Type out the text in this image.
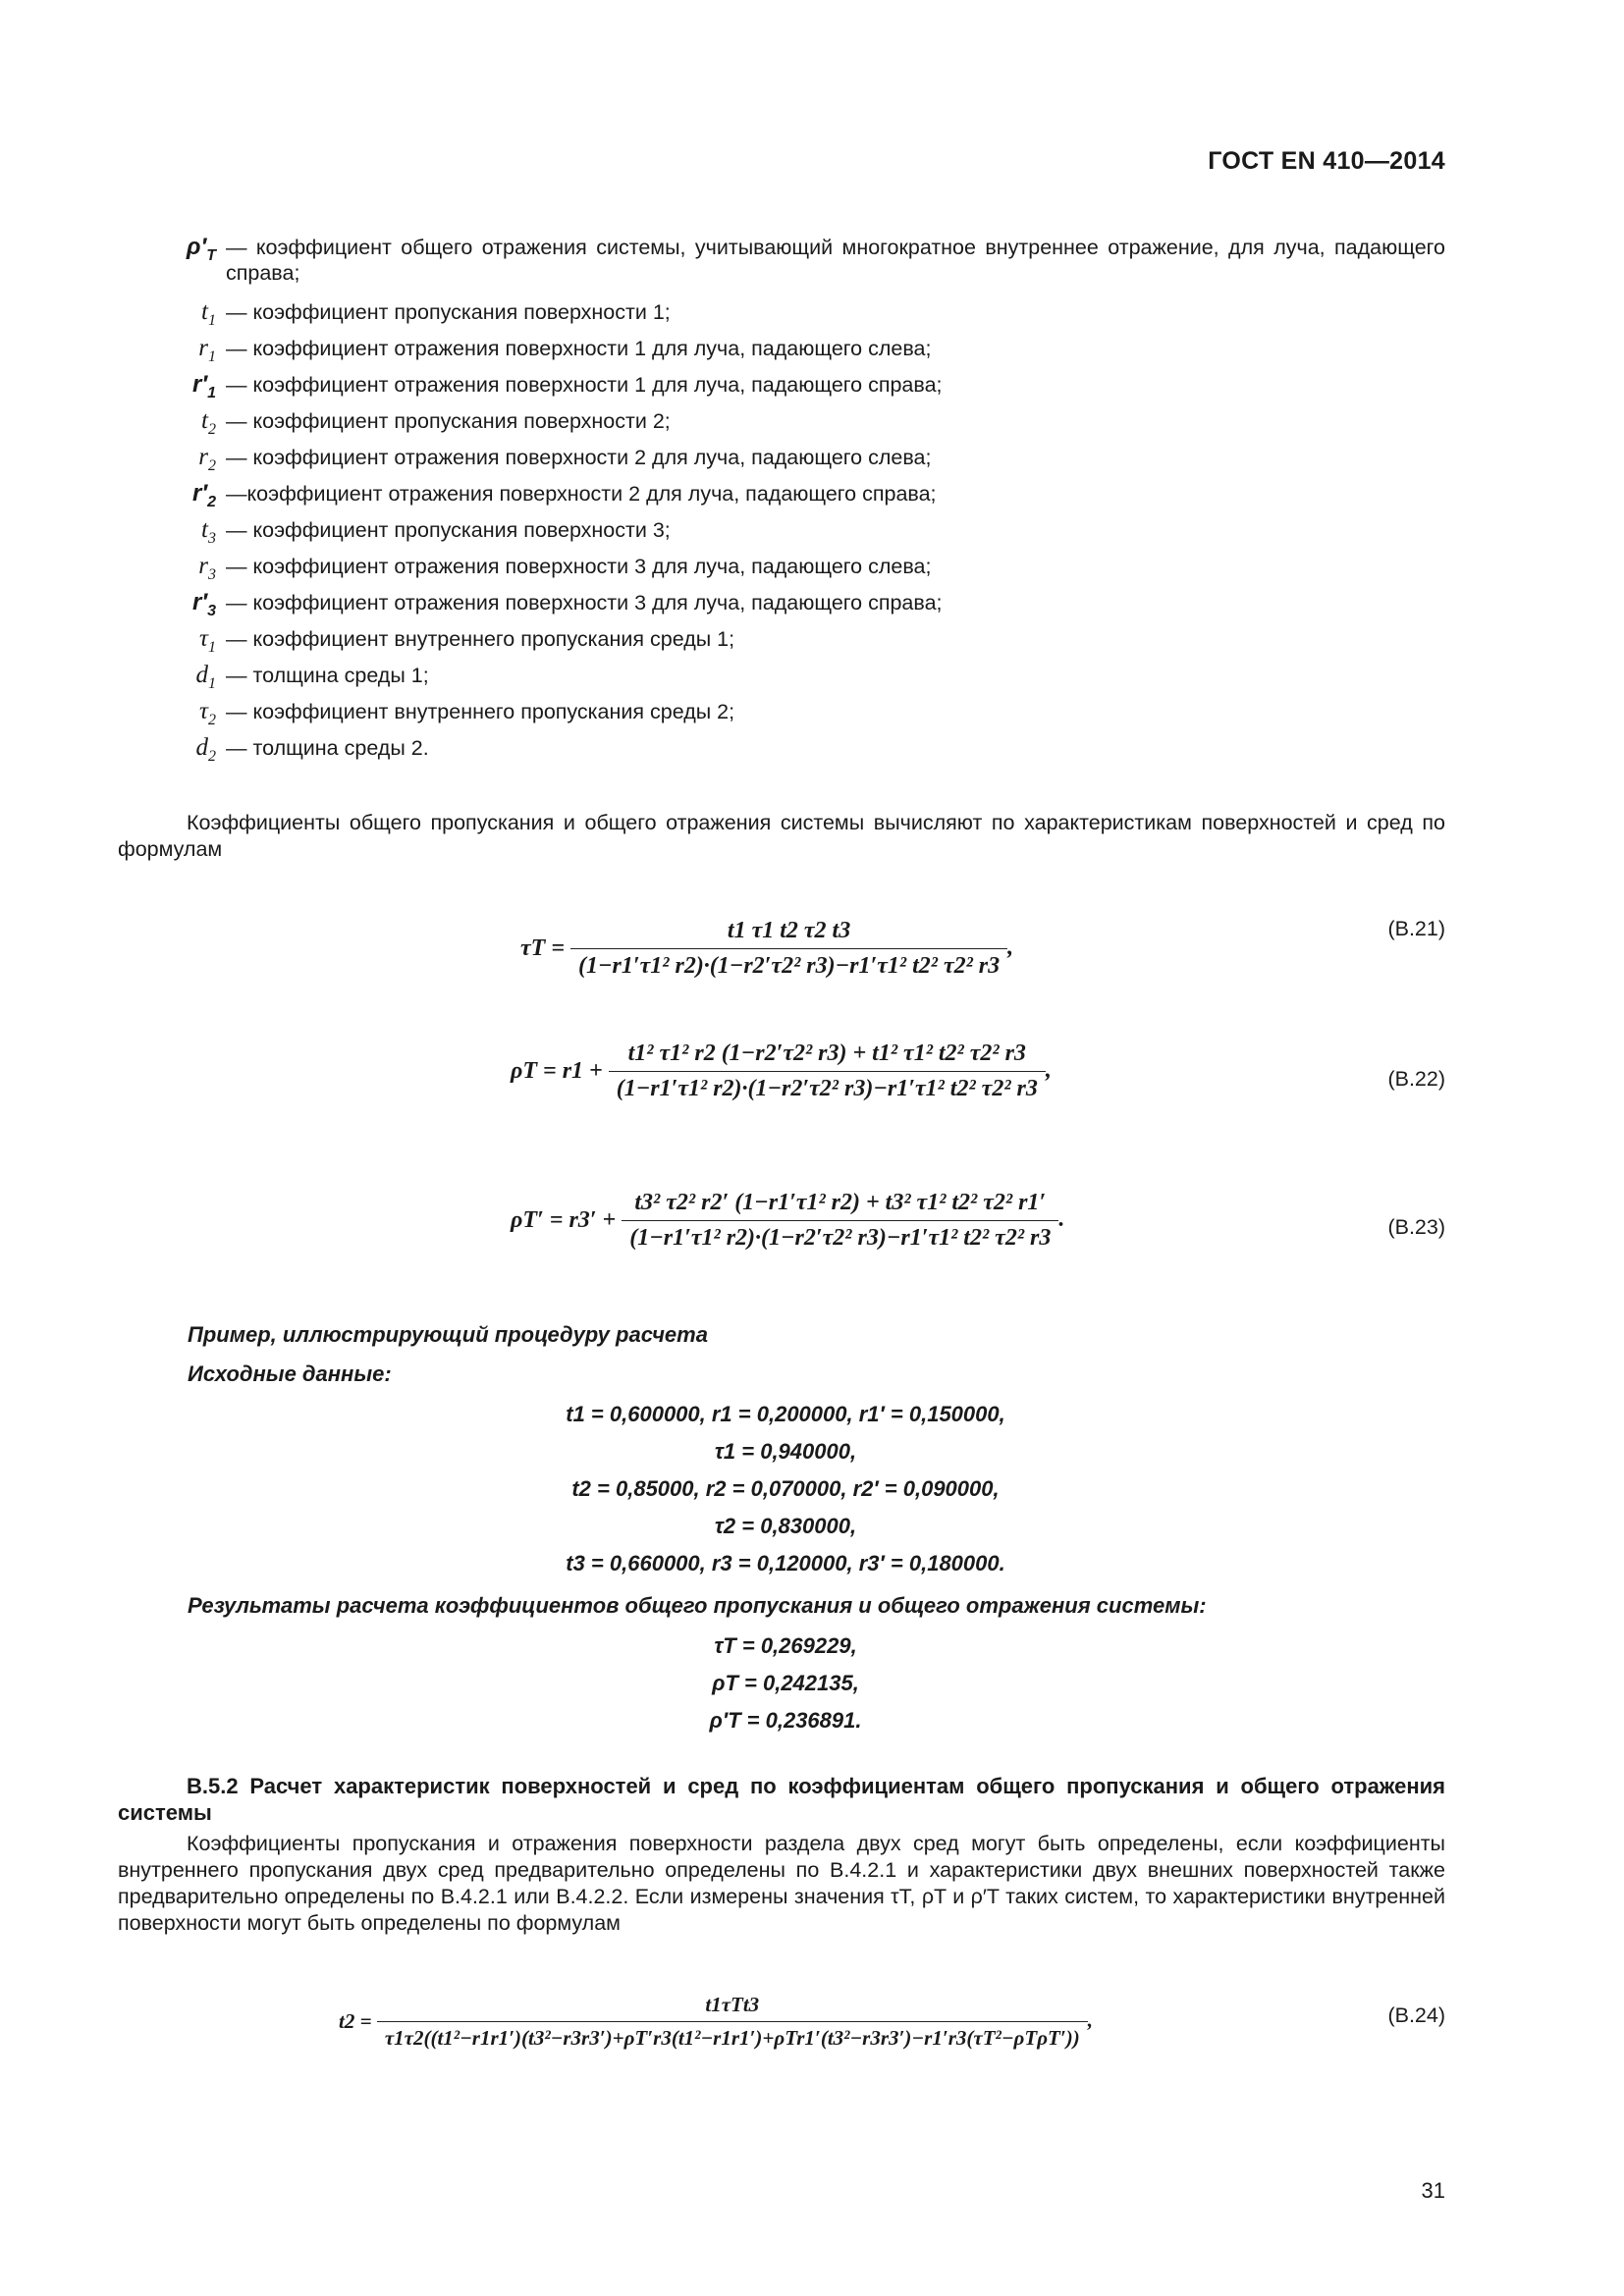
ГОСТ EN 410—2014
$\rho'_T$ — коэффициент общего отражения системы, учитывающий многократное внутреннее отражение, для луча, падающего справа;
$t_1$ — коэффициент пропускания поверхности 1;
$r_1$ — коэффициент отражения поверхности 1 для луча, падающего слева;
$r'_1$ — коэффициент отражения поверхности 1 для луча, падающего справа;
$t_2$ — коэффициент пропускания поверхности 2;
$r_2$ — коэффициент отражения поверхности 2 для луча, падающего слева;
$r'_2$ —коэффициент отражения поверхности 2 для луча, падающего справа;
$t_3$ — коэффициент пропускания поверхности 3;
$r_3$ — коэффициент отражения поверхности 3 для луча, падающего слева;
$r'_3$ — коэффициент отражения поверхности 3 для луча, падающего справа;
$\tau_1$ — коэффициент внутреннего пропускания среды 1;
$d_1$ — толщина среды 1;
$\tau_2$ — коэффициент внутреннего пропускания среды 2;
$d_2$ — толщина среды 2.
Коэффициенты общего пропускания и общего отражения системы вычисляют по характеристикам поверхностей и сред по формулам
$\tau T = \frac{t1 \tau 1 t2 \tau 2 t3}{\text{(1−r1′τ1² r2)·(1−r2′τ2² r3)−r1′τ1² t2² τ2² r3}}$ ,
(В.21)
$\rho T = r1 + \frac{\text{t1² τ1² r2 (1−r2′τ2² r3) + t1² τ1² t2² τ2² r3}}{\text{(1−r1′τ1² r2)·(1−r2′τ2² r3)−r1′τ1² t2² τ2² r3}}$ ,	(В.22)
$\rho T' = r3' + \frac{\text{t3² τ2² r2′ (1−r1′τ1² r2) + t3² τ1² t2² τ2² r1′}}{\text{(1−r1′τ1² r2)·(1−r2′τ2² r3)−r1′τ1² t2² τ2² r3}}$ .	(В.23)
Пример, иллюстрирующий процедуру расчета
Исходные данные:
t1 = 0,600000, r1 = 0,200000, r1′ = 0,150000,
τ1 = 0,940000,
t2 = 0,85000, r2 = 0,070000, r2′ = 0,090000,
τ2 = 0,830000,
t3 = 0,660000, r3 = 0,120000, r3′ = 0,180000.
Результаты расчета коэффициентов общего пропускания и общего отражения системы:
τT = 0,269229,
ρT = 0,242135,
ρ′T = 0,236891.
В.5.2 Расчет характеристик поверхностей и сред по коэффициентам общего пропускания и общего отражения системы
Коэффициенты пропускания и отражения поверхности раздела двух сред могут быть определены, если коэффициенты внутреннего пропускания двух сред предварительно определены по В.4.2.1 и характеристики двух внешних поверхностей также предварительно определены по В.4.2.1 или В.4.2.2. Если измерены значения τT, ρT и ρ′T таких систем, то характеристики внутренней поверхности могут быть определены по формулам
t2 =
t1τTt3
τ1τ2((t1²−r1r1′)(t3²−r3r3′)+ρT′r3(t1²−r1r1′)+ρTr1′(t3²−r3r3′)−r1′r3(τT²−ρTρT′))
,	(В.24)
31
